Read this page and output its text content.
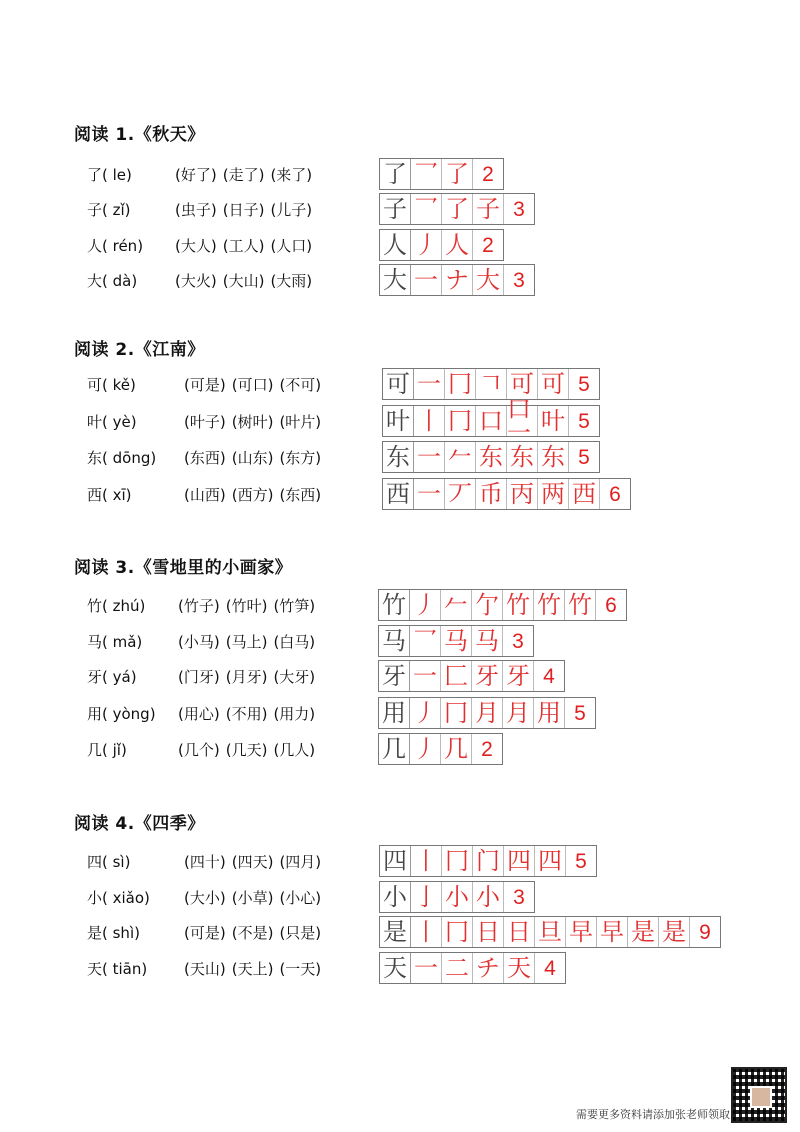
阅读 1.《秋天》
了( le)	(好了) (走了) (来了)	了 乛 了 2
子( zǐ)	(虫子) (日子) (儿子)	子 乛 了 子 3
人( rén)	(大人) (工人) (人口)	人 丿 人 2
大( dà)	(大火) (大山) (大雨)	大 一 ナ 大 3
阅读 2.《江南》
可( kě)	(可是) (可口) (不可)	可 一 冂 𠃍 可 可 5
叶( yè)	(叶子) (树叶) (叶片)	叶 丨 冂 口 口一 叶 5
东( dōng)	(东西) (山东) (东方)	东 一 𠂉 东 东 东 5
西( xī)	(山西) (西方) (东西)	西 一 丆 币 丙 两 西 6
阅读 3.《雪地里的小画家》
竹( zhú)	(竹子) (竹叶) (竹笋)	竹 丿 𠂉 亇 竹 竹 竹 6
马( mǎ)	(小马) (马上) (白马)	马 乛 马 马 3
牙( yá)	(门牙) (月牙) (大牙)	牙 一 匚 牙 牙 4
用( yòng)	(用心) (不用) (用力)	用 丿 冂 月 月 用 5
几( jǐ)	(几个) (几天) (几人)	几 丿 几 2
阅读 4.《四季》
四( sì)	(四十) (四天) (四月)	四 丨 冂 门 四 四 5
小( xiǎo)	(大小) (小草) (小心)	小 亅 小 小 3
是( shì)	(可是) (不是) (只是)	是 丨 冂 日 日 旦 早 早 是 是 9
天( tiān)	(天山) (天上) (一天)	天 一 二 チ 天 4
需要更多资料请添加张老师领取
